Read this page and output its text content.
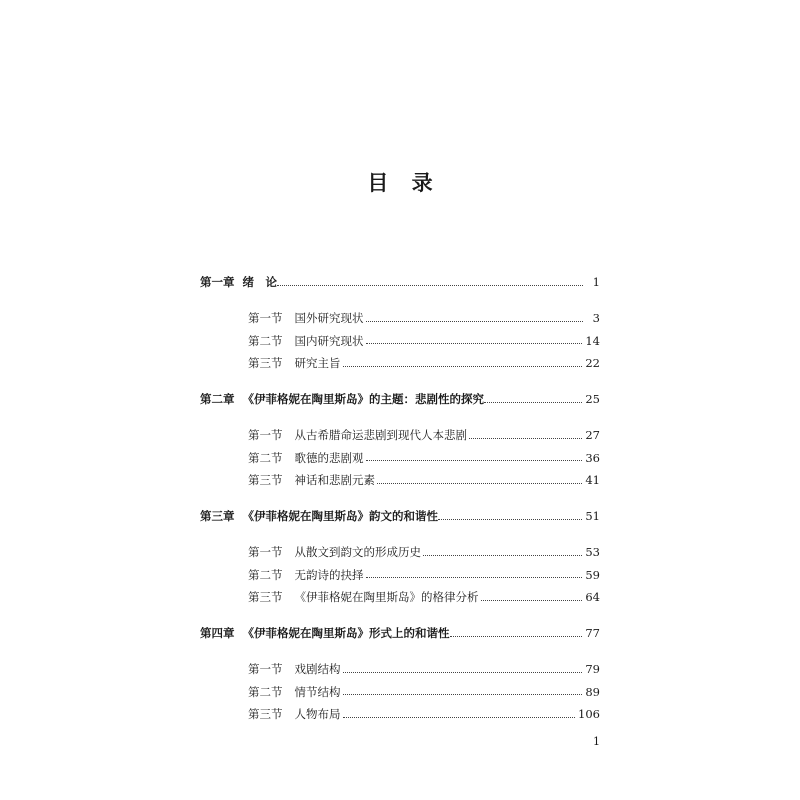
目 录
第一章 绪　论	1
第一节 国外研究现状	3
第二节 国内研究现状	14
第三节 研究主旨	22
第二章 《伊菲格妮在陶里斯岛》的主题：悲剧性的探究	25
第一节 从古希腊命运悲剧到现代人本悲剧	27
第二节 歌德的悲剧观	36
第三节 神话和悲剧元素	41
第三章 《伊菲格妮在陶里斯岛》韵文的和谐性	51
第一节 从散文到韵文的形成历史	53
第二节 无韵诗的抉择	59
第三节 《伊菲格妮在陶里斯岛》的格律分析	64
第四章 《伊菲格妮在陶里斯岛》形式上的和谐性	77
第一节 戏剧结构	79
第二节 情节结构	89
第三节 人物布局	106
1
